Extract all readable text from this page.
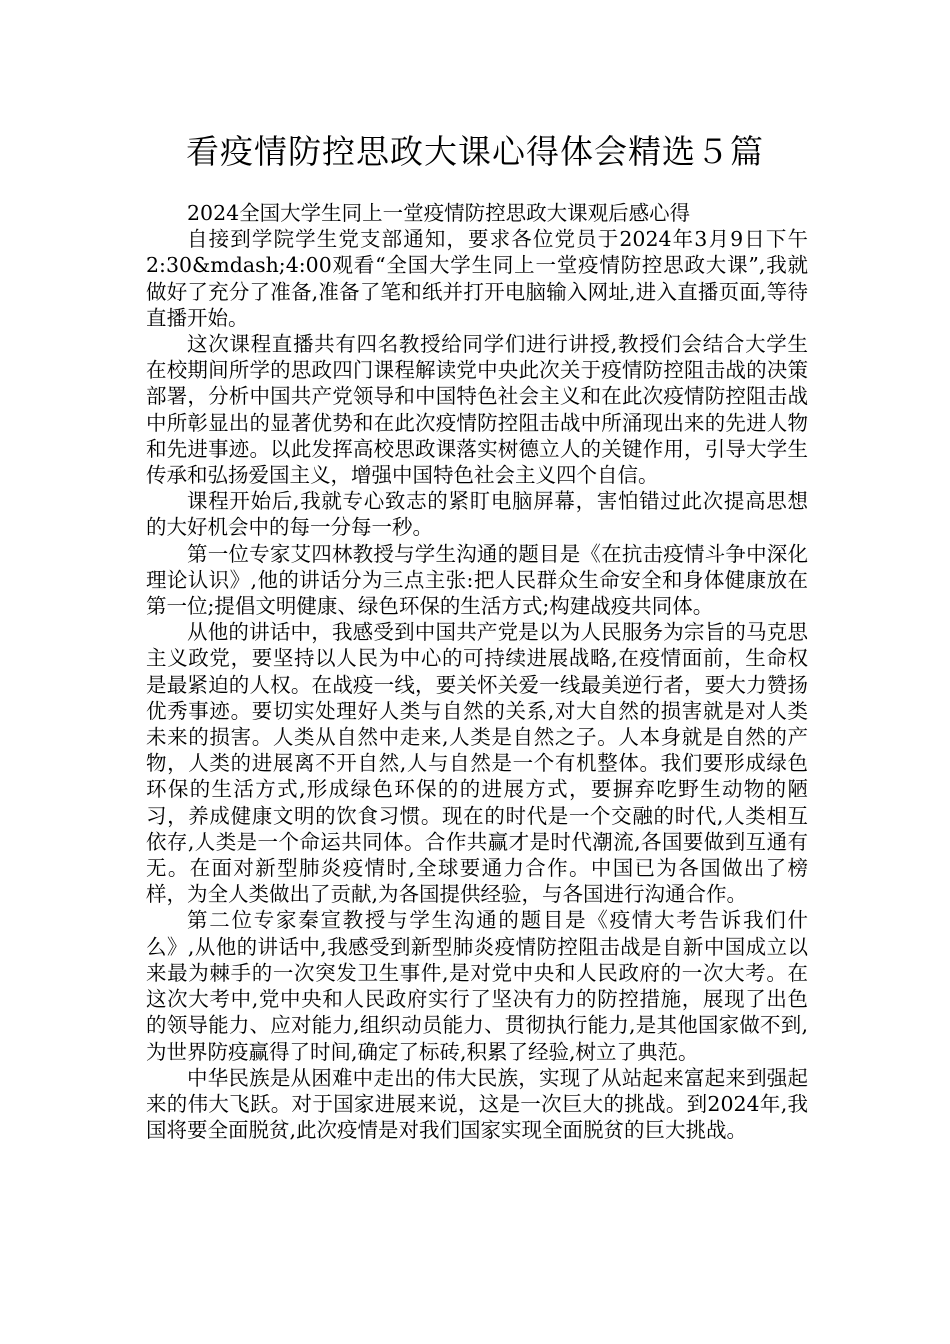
看疫情防控思政大课心得体会精选５篇

2024全国大学生同上一堂疫情防控思政大课观后感心得

自接到学院学生党支部通知，要求各位党员于2024年3月9日下午2:30&mdash;4:00观看“全国大学生同上一堂疫情防控思政大课”,我就做好了充分了准备,准备了笔和纸并打开电脑输入网址,进入直播页面,等待直播开始。

这次课程直播共有四名教授给同学们进行讲授,教授们会结合大学生在校期间所学的思政四门课程解读党中央此次关于疫情防控阻击战的决策部署，分析中国共产党领导和中国特色社会主义和在此次疫情防控阻击战中所彰显出的显著优势和在此次疫情防控阻击战中所涌现出来的先进人物和先进事迹。以此发挥高校思政课落实树德立人的关键作用，引导大学生传承和弘扬爱国主义，增强中国特色社会主义四个自信。

课程开始后,我就专心致志的紧盯电脑屏幕，害怕错过此次提高思想的大好机会中的每一分每一秒。

第一位专家艾四林教授与学生沟通的题目是《在抗击疫情斗争中深化理论认识》,他的讲话分为三点主张:把人民群众生命安全和身体健康放在第一位;提倡文明健康、绿色环保的生活方式;构建战疫共同体。

从他的讲话中，我感受到中国共产党是以为人民服务为宗旨的马克思主义政党，要坚持以人民为中心的可持续进展战略,在疫情面前，生命权是最紧迫的人权。在战疫一线，要关怀关爱一线最美逆行者，要大力赞扬优秀事迹。要切实处理好人类与自然的关系,对大自然的损害就是对人类未来的损害。人类从自然中走来,人类是自然之子。人本身就是自然的产物，人类的进展离不开自然,人与自然是一个有机整体。我们要形成绿色环保的生活方式,形成绿色环保的的进展方式，要摒弃吃野生动物的陋习，养成健康文明的饮食习惯。现在的时代是一个交融的时代,人类相互依存,人类是一个命运共同体。合作共赢才是时代潮流,各国要做到互通有无。在面对新型肺炎疫情时,全球要通力合作。中国已为各国做出了榜样，为全人类做出了贡献,为各国提供经验，与各国进行沟通合作。

第二位专家秦宣教授与学生沟通的题目是《疫情大考告诉我们什么》,从他的讲话中,我感受到新型肺炎疫情防控阻击战是自新中国成立以来最为棘手的一次突发卫生事件,是对党中央和人民政府的一次大考。在这次大考中,党中央和人民政府实行了坚决有力的防控措施，展现了出色的领导能力、应对能力,组织动员能力、贯彻执行能力,是其他国家做不到,为世界防疫赢得了时间,确定了标砖,积累了经验,树立了典范。

中华民族是从困难中走出的伟大民族，实现了从站起来富起来到强起来的伟大飞跃。对于国家进展来说，这是一次巨大的挑战。到2024年,我国将要全面脱贫,此次疫情是对我们国家实现全面脱贫的巨大挑战。
